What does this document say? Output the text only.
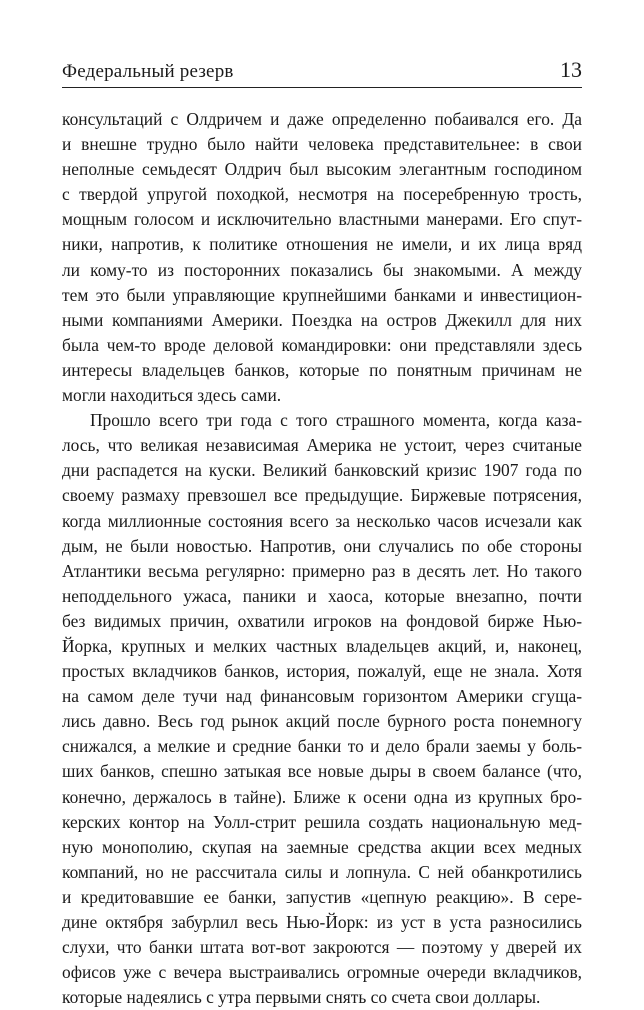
Федеральный резерв	13
консультаций с Олдричем и даже определенно побаивался его. Да
и внешне трудно было найти человека представительнее: в свои
неполные семьдесят Олдрич был высоким элегантным господином
с твердой упругой походкой, несмотря на посеребренную трость,
мощным голосом и исключительно властными манерами. Его спут-
ники, напротив, к политике отношения не имели, и их лица вряд
ли кому-то из посторонних показались бы знакомыми. А между
тем это были управляющие крупнейшими банками и инвестицион-
ными компаниями Америки. Поездка на остров Джекилл для них
была чем-то вроде деловой командировки: они представляли здесь
интересы владельцев банков, которые по понятным причинам не
могли находиться здесь сами.
Прошло всего три года с того страшного момента, когда каза-
лось, что великая независимая Америка не устоит, через считаные
дни распадется на куски. Великий банковский кризис 1907 года по
своему размаху превзошел все предыдущие. Биржевые потрясения,
когда миллионные состояния всего за несколько часов исчезали как
дым, не были новостью. Напротив, они случались по обе стороны
Атлантики весьма регулярно: примерно раз в десять лет. Но такого
неподдельного ужаса, паники и хаоса, которые внезапно, почти
без видимых причин, охватили игроков на фондовой бирже Нью-
Йорка, крупных и мелких частных владельцев акций, и, наконец,
простых вкладчиков банков, история, пожалуй, еще не знала. Хотя
на самом деле тучи над финансовым горизонтом Америки сгуща-
лись давно. Весь год рынок акций после бурного роста понемногу
снижался, а мелкие и средние банки то и дело брали заемы у боль-
ших банков, спешно затыкая все новые дыры в своем балансе (что,
конечно, держалось в тайне). Ближе к осени одна из крупных бро-
керских контор на Уолл-стрит решила создать национальную мед-
ную монополию, скупая на заемные средства акции всех медных
компаний, но не рассчитала силы и лопнула. С ней обанкротились
и кредитовавшие ее банки, запустив «цепную реакцию». В сере-
дине октября забурлил весь Нью-Йорк: из уст в уста разносились
слухи, что банки штата вот-вот закроются — поэтому у дверей их
офисов уже с вечера выстраивались огромные очереди вкладчиков,
которые надеялись с утра первыми снять со счета свои доллары.
